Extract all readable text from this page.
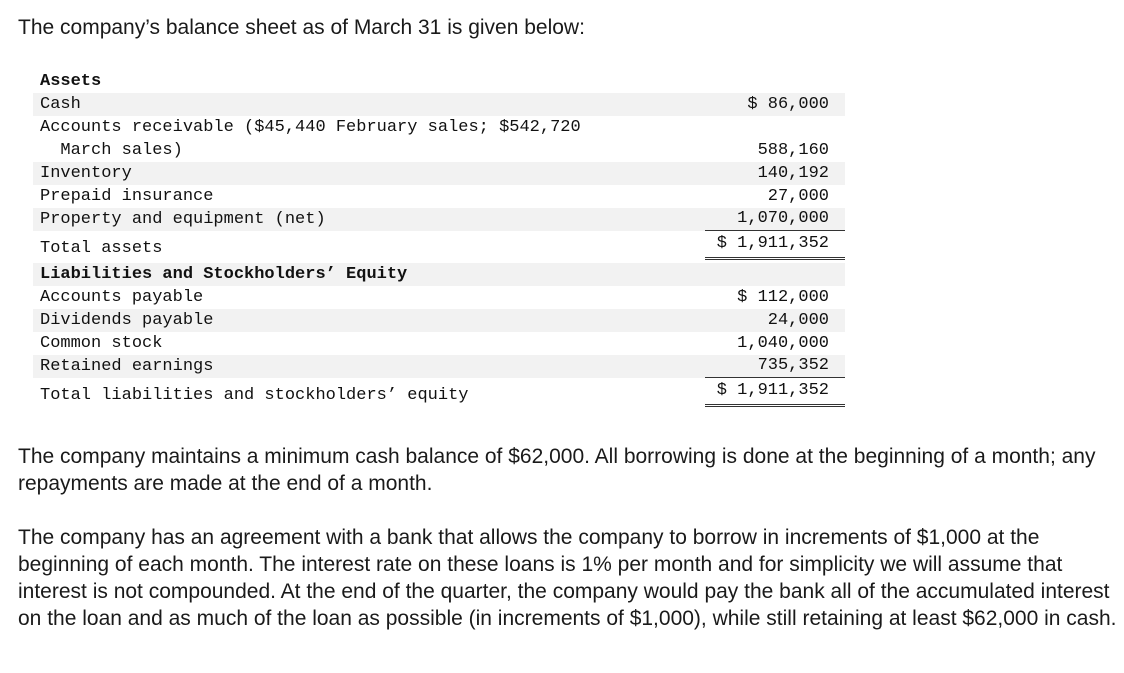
The company’s balance sheet as of March 31 is given below:

Assets
Cash	$ 86,000
Accounts receivable ($45,440 February sales; $542,720
March sales)	588,160
Inventory	140,192
Prepaid insurance	27,000
Property and equipment (net)	1,070,000
Total assets	$ 1,911,352
Liabilities and Stockholders’ Equity
Accounts payable	$ 112,000
Dividends payable	24,000
Common stock	1,040,000
Retained earnings	735,352
Total liabilities and stockholders’ equity	$ 1,911,352

The company maintains a minimum cash balance of $62,000. All borrowing is done at the beginning of a month; any repayments are made at the end of a month.

The company has an agreement with a bank that allows the company to borrow in increments of $1,000 at the beginning of each month. The interest rate on these loans is 1% per month and for simplicity we will assume that interest is not compounded. At the end of the quarter, the company would pay the bank all of the accumulated interest on the loan and as much of the loan as possible (in increments of $1,000), while still retaining at least $62,000 in cash.
